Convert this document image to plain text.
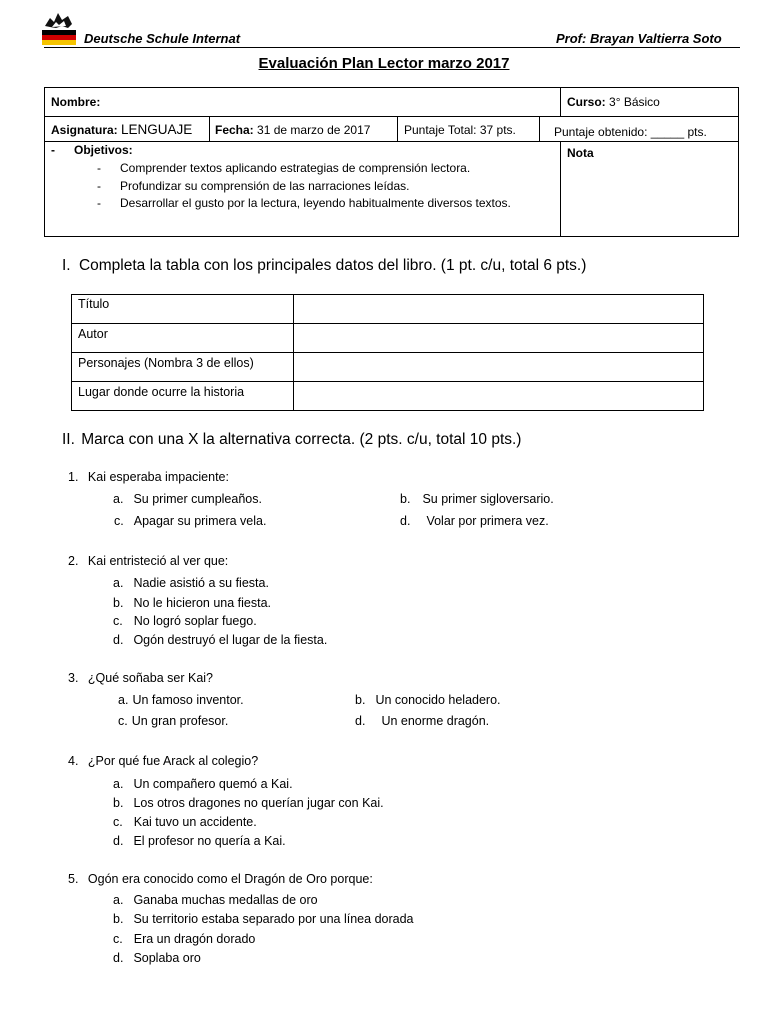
Deutsche Schule Internat	Prof: Brayan Valtierra Soto
Evaluación Plan Lector marzo 2017
Nombre:	Curso: 3° Básico
Asignatura: LENGUAJE Fecha: 31 de marzo de 2017	Puntaje Total: 37 pts.	Puntaje obtenido: _____ pts.
- Objetivos:
- Comprender textos aplicando estrategias de comprensión lectora.
- Profundizar su comprensión de las narraciones leídas.
- Desarrollar el gusto por la lectura, leyendo habitualmente diversos textos.
Nota
I. Completa la tabla con los principales datos del libro. (1 pt. c/u, total 6 pts.)
Título
Autor
Personajes (Nombra 3 de ellos)
Lugar donde ocurre la historia
II. Marca con una X la alternativa correcta. (2 pts. c/u, total 10 pts.)
1. Kai esperaba impaciente:
a. Su primer cumpleaños.	b. Su primer sigloversario.
c. Apagar su primera vela.	d. Volar por primera vez.
2. Kai entristeció al ver que:
a. Nadie asistió a su fiesta.
b. No le hicieron una fiesta.
c. No logró soplar fuego.
d. Ogón destruyó el lugar de la fiesta.
3. ¿Qué soñaba ser Kai?
a. Un famoso inventor.	b. Un conocido heladero.
c. Un gran profesor.	d. Un enorme dragón.
4. ¿Por qué fue Arack al colegio?
a. Un compañero quemó a Kai.
b. Los otros dragones no querían jugar con Kai.
c. Kai tuvo un accidente.
d. El profesor no quería a Kai.
5. Ogón era conocido como el Dragón de Oro porque:
a. Ganaba muchas medallas de oro
b. Su territorio estaba separado por una línea dorada
c. Era un dragón dorado
d. Soplaba oro
